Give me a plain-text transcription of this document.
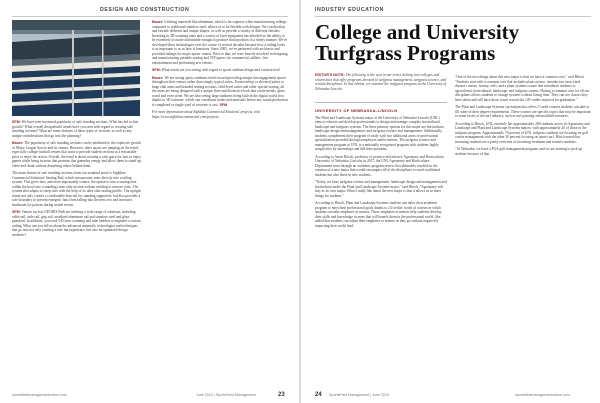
DESIGN AND CONSTRUCTION

SFM: We have seen increased popularity of safe standing sections. What has led to that growth? What overall design/build trends have you seen with regard to creating safe standing sections? What are some features of these types of sections, as well as any unique considerations that go into the planning?

Bauer: The popularity of safe standing sections can be attributed to the explosive growth of Major League Soccer and its venues. However, other sports are jumping on the trend, especially college football venues that want to provide student sections at a reasonable price to enjoy the action. Overall, the trend is about creating a safe space for fans to enjoy games while being in areas that promote that gameday energy and allow them to stand up, cheer and chant without disturbing others behind them.

The main feature of safe standing sections (seen our standard proof is Sightline Commercial Solutions' Seating Rail, which incorporates seats directly into a railing system. This gives fans, and more importantly venues, the option to turn a seating area within the bowl into a standing room only section without needing to remove seats. The system also adapts to steep sites with the help of its ultra slim seating profile. The upright frame not only creates a comfortable lean rail for standing supporters, but also provides a safe boundary to prevent energetic fans from falling into the next row and increases headroom for patrons during seated events.

SFM: Venues such as GEODIS Park are utilizing a wide range of solutions, including cable rail, aisle rail, grip rail, anodized aluminum rail and stainless steel and glass guardrail. In addition, you used 3-D laser scanning and tube benders to engineer a custom railing. What can you tell us about the advanced materials, technologies and techniques that go into not only creating a safe fan experience, but also an optimized design aesthetic?

Bauer: Utilizing materials like aluminum, which is far superior when manufacturing railings compared to traditional stainless steel, allows us to be flexible with designs. We can develop and extrude different and unique shapes, as well as provide a variety of different finishes. Investing in 3D scanning units and a variety of laser equipment has afforded us the ability to be extremely accurate and nimble enough to produce final products in a timely manner. We've developed these technologies over the course of several decades because how a railing looks is as important to us as how it functions. Since 2005, we've partnered with architects and provided railings for major sports venues. Prior to that, we were heavily involved in designing and manufacturing portable seating and VIP spaces for commercial, athletic, live entertainment and performing arts venues.

SFM: What trends are you seeing with regard to sports stadium design and construction?

Bauer: We are seeing sports stadiums trend toward providing unique fan engagement spaces throughout their venues rather than simply typical suites. From rooftop or elevated patios to large club areas and branded seating sections, field-level suites and other special seating, all the areas are being designed with a unique flare and distinctive look that create metals, glass, wood and even stone. We are also seeing large stadiums being built in the digital world first thanks to 3D software, which can coordinate trades and materials before any actual production is completed or single yard of concrete is cast. SFM

For more information about Sightline Commercial Solutions' projects, visit https://www.sightlinecommercial.com/projects.

sportsfieldmanagementonline.com	June 2023 | SportsField Management	23
INDUSTRY EDUCATION
College and University
Turfgrass Programs
EDITOR'S NOTE: The following is the next in our series delving into colleges and universities that offer programs devoted to turfgrass management, turfgrass science, and related disciplines. In this edition, we examine the turfgrass program at the University of Nebraska-Lincoln.
UNIVERSITY OF NEBRASKA-LINCOLN

The Plant and Landscape Systems major at the University of Nebraska-Lincoln (UNL) aims to educate and develop professionals to design and manage complex horticultural, landscape and turfgrass systems. The three primary options for this major are horticulture, landscape design and management, and turfgrass science and management. Additionally, students complement their program of study with two additional areas of professional specialization provided through employers and/or minors. The turfgrass science and management program at UNL is a nationally recognized program with students highly sought after by internships and full-time positions.

According to Amee Bitsch, professor of practice and adviser, Agronomy and Horticulture, University of Nebraska–Lincoln, in 2017, the UNL Agronomy and Horticulture Department went through an academic program review that ultimately resulted in the creation of a new major that would encompass all of the disciplines to reach traditional students but also those in new students.

"Today, we have turfgrass science and management, landscape design and management and horticulture under the Plant and Landscape Systems major," said Bitsch. "Agronomy will stay as its own major. What I really like about the new major is that it allows us to meet things for students."

According to Bitsch, Plant and Landscape Systems students can tailor their academic program to meet their professional goals thanks to 24 credits' worth of courses in which students can take emphases or minors. Those emphases or minors help students develop their skills and knowledge in areas that will benefit them in the professional world. She added that students can adjust their emphases or minors as they go without negatively impacting their credit load.

"One of the nice things about this new major is that we have a common core," said Bitsch. "Students start with a common core that includes plant science, introductory insect and disease courses, botany, soils, and a plant systems course that introduces students to agricultural, horticultural, landscape, and turfgrass careers. Having a common core for all our disciplines allows students to change systems without losing time. They can see classes they have taken and still have those count toward the 120 credits required for graduation."

The Plant and Landscape Systems curriculum also offers 5 credit courses students can take to fill some of their degree requirements. These courses are specific topics that may be important to some facets of the turf industry, such as turf painting and modified mixtures.

According to Bitsch, UNL currently has approximately 200 students across its Agronomy and Landscape and Plant and Landscape Systems majors, with approximately 20 of those in the turfgrass program. Approximately 70 percent of UNL turfgrass students are focusing on golf course management with the other 30 percent focusing on sports turf. Bitsch noted that incoming students are a pretty even mix of incoming freshmen and transfer students.

"At Nebraska, we have a PGA golf management program, and we are starting to pick up students because of that

24 SportsField Management | June 2023	sportsfieldmanagementonline.com
